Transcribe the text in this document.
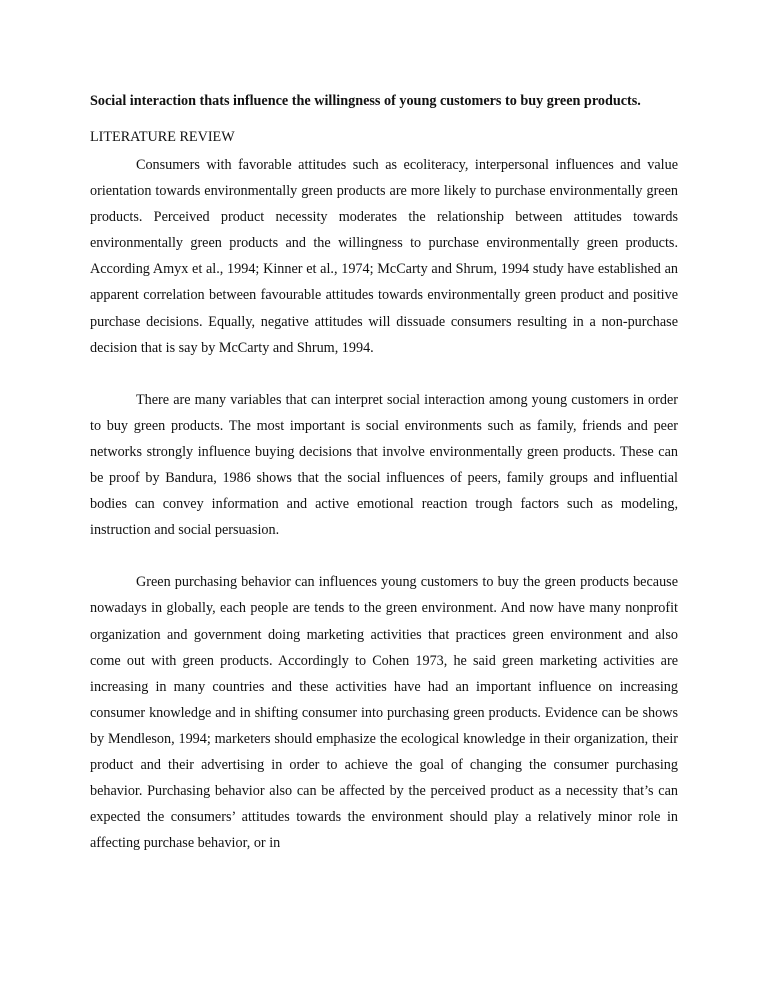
Social interaction thats influence the willingness of young customers to buy green products.

LITERATURE REVIEW

Consumers with favorable attitudes such as ecoliteracy, interpersonal influences and value orientation towards environmentally green products are more likely to purchase environmentally green products. Perceived product necessity moderates the relationship between attitudes towards environmentally green products and the willingness to purchase environmentally green products. According Amyx et al., 1994; Kinner et al., 1974; McCarty and Shrum, 1994 study have established an apparent correlation between favourable attitudes towards environmentally green product and positive purchase decisions. Equally, negative attitudes will dissuade consumers resulting in a non-purchase decision that is say by McCarty and Shrum, 1994.

There are many variables that can interpret social interaction among young customers in order to buy green products. The most important is social environments such as family, friends and peer networks strongly influence buying decisions that involve environmentally green products. These can be proof by Bandura, 1986 shows that the social influences of peers, family groups and influential bodies can convey information and active emotional reaction trough factors such as modeling, instruction and social persuasion.

Green purchasing behavior can influences young customers to buy the green products because nowadays in globally, each people are tends to the green environment. And now have many nonprofit organization and government doing marketing activities that practices green environment and also come out with green products. Accordingly to Cohen 1973, he said green marketing activities are increasing in many countries and these activities have had an important influence on increasing consumer knowledge and in shifting consumer into purchasing green products. Evidence can be shows by Mendleson, 1994; marketers should emphasize the ecological knowledge in their organization, their product and their advertising in order to achieve the goal of changing the consumer purchasing behavior. Purchasing behavior also can be affected by the perceived product as a necessity that’s can expected the consumers’ attitudes towards the environment should play a relatively minor role in affecting purchase behavior, or in
